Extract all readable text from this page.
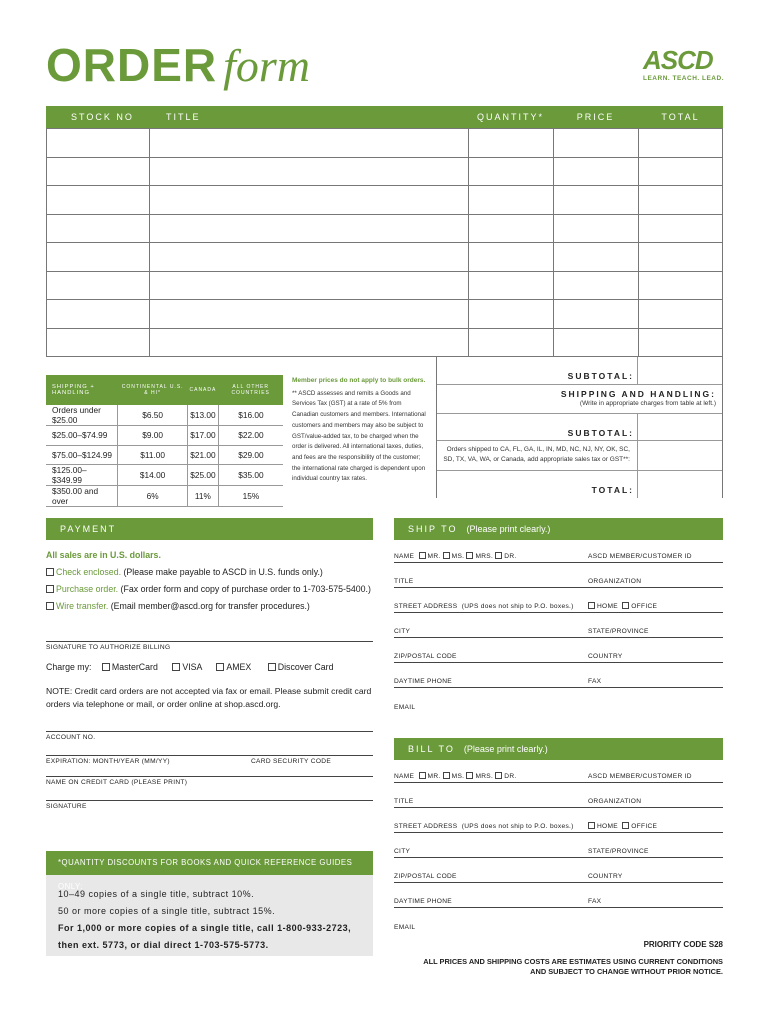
ORDER form	ASCD
LEARN. TEACH. LEAD.
STOCK NO	TITLE	QUANTITY*	PRICE	TOTAL
SHIPPING + HANDLING	CONTINENTAL U.S. & HI*	CANADA	ALL OTHER COUNTRIES
Orders under $25.00	$6.50	$13.00	$16.00
$25.00–$74.99	$9.00	$17.00	$22.00
$75.00–$124.99	$11.00	$21.00	$29.00
$125.00–$349.99	$14.00	$25.00	$35.00
$350.00 and over	6%	11%	15%
Member prices do not apply to bulk orders.
** ASCD assesses and remits a Goods and Services Tax (GST) at a rate of 5% from Canadian customers and members. International customers and members may also be subject to GST/value-added tax, to be charged when the order is delivered. All international taxes, duties, and fees are the responsibility of the customer; the international rate charged is dependent upon individual country tax rates.
SUBTOTAL:
SHIPPING AND HANDLING:
(Write in appropriate charges from table at left.)
SUBTOTAL:
Orders shipped to CA, FL, GA, IL, IN, MD, NC, NJ, NY, OK, SC, SD, TX, VA, WA, or Canada, add appropriate sales tax or GST**:
TOTAL:
PAYMENT
All sales are in U.S. dollars.
Check enclosed. (Please make payable to ASCD in U.S. funds only.)
Purchase order. (Fax order form and copy of purchase order to 1-703-575-5400.)
Wire transfer. (Email member@ascd.org for transfer procedures.)
SIGNATURE TO AUTHORIZE BILLING
Charge my: MasterCard	VISA	AMEX	Discover Card
NOTE: Credit card orders are not accepted via fax or email. Please submit credit card orders via telephone or mail, or order online at shop.ascd.org.
ACCOUNT NO.
EXPIRATION: MONTH/YEAR (MM/YY)	CARD SECURITY CODE
NAME ON CREDIT CARD (PLEASE PRINT)
SIGNATURE
*QUANTITY DISCOUNTS FOR BOOKS AND QUICK REFERENCE GUIDES ONLY:
10–49 copies of a single title, subtract 10%.
50 or more copies of a single title, subtract 15%.
For 1,000 or more copies of a single title, call 1-800-933-2723,
then ext. 5773, or dial direct 1-703-575-5773.
SHIP TO (Please print clearly.)
NAME MR. MS. MRS. DR.	ASCD MEMBER/CUSTOMER ID
TITLE	ORGANIZATION
STREET ADDRESS (UPS does not ship to P.O. boxes.)	HOME OFFICE
CITY	STATE/PROVINCE
ZIP/POSTAL CODE	COUNTRY
DAYTIME PHONE	FAX
EMAIL
BILL TO (Please print clearly.)
NAME MR. MS. MRS. DR.	ASCD MEMBER/CUSTOMER ID
TITLE	ORGANIZATION
STREET ADDRESS (UPS does not ship to P.O. boxes.)	HOME OFFICE
CITY	STATE/PROVINCE
ZIP/POSTAL CODE	COUNTRY
DAYTIME PHONE	FAX
EMAIL
PRIORITY CODE S28
ALL PRICES AND SHIPPING COSTS ARE ESTIMATES USING CURRENT CONDITIONS
AND SUBJECT TO CHANGE WITHOUT PRIOR NOTICE.
